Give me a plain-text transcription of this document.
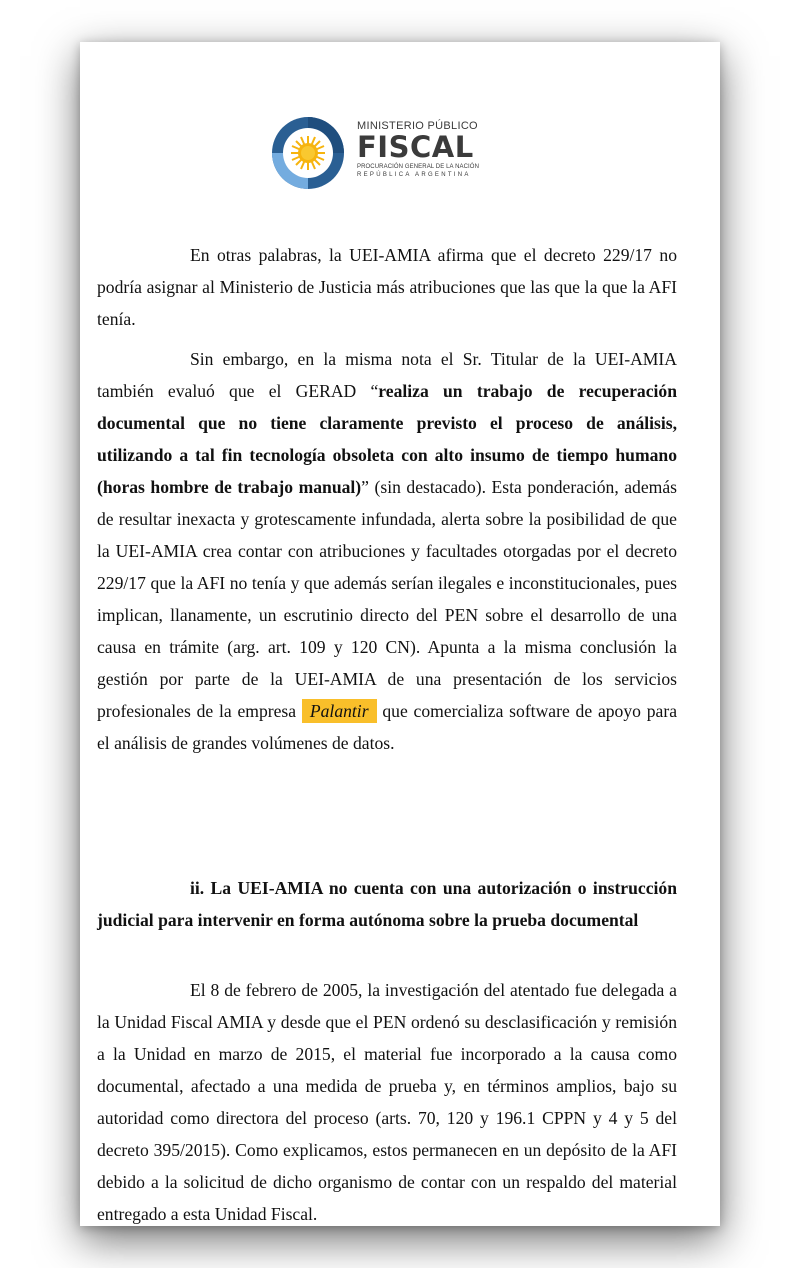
MINISTERIO PÚBLICO
FISCAL
PROCURACIÓN GENERAL DE LA NACIÓN
REPÚBLICA ARGENTINA

En otras palabras, la UEI-AMIA afirma que el decreto 229/17 no podría asignar al Ministerio de Justicia más atribuciones que las que la que la AFI tenía.

Sin embargo, en la misma nota el Sr. Titular de la UEI-AMIA también evaluó que el GERAD “realiza un trabajo de recuperación documental que no tiene claramente previsto el proceso de análisis, utilizando a tal fin tecnología obsoleta con alto insumo de tiempo humano (horas hombre de trabajo manual)” (sin destacado). Esta ponderación, además de resultar inexacta y grotescamente infundada, alerta sobre la posibilidad de que la UEI-AMIA crea contar con atribuciones y facultades otorgadas por el decreto 229/17 que la AFI no tenía y que además serían ilegales e inconstitucionales, pues implican, llanamente, un escrutinio directo del PEN sobre el desarrollo de una causa en trámite (arg. art. 109 y 120 CN). Apunta a la misma conclusión la gestión por parte de la UEI-AMIA de una presentación de los servicios profesionales de la empresa Palantir que comercializa software de apoyo para el análisis de grandes volúmenes de datos.

ii. La UEI-AMIA no cuenta con una autorización o instrucción judicial para intervenir en forma autónoma sobre la prueba documental

El 8 de febrero de 2005, la investigación del atentado fue delegada a la Unidad Fiscal AMIA y desde que el PEN ordenó su desclasificación y remisión a la Unidad en marzo de 2015, el material fue incorporado a la causa como documental, afectado a una medida de prueba y, en términos amplios, bajo su autoridad como directora del proceso (arts. 70, 120 y 196.1 CPPN y 4 y 5 del decreto 395/2015). Como explicamos, estos permanecen en un depósito de la AFI debido a la solicitud de dicho organismo de contar con un respaldo del material entregado a esta Unidad Fiscal.
